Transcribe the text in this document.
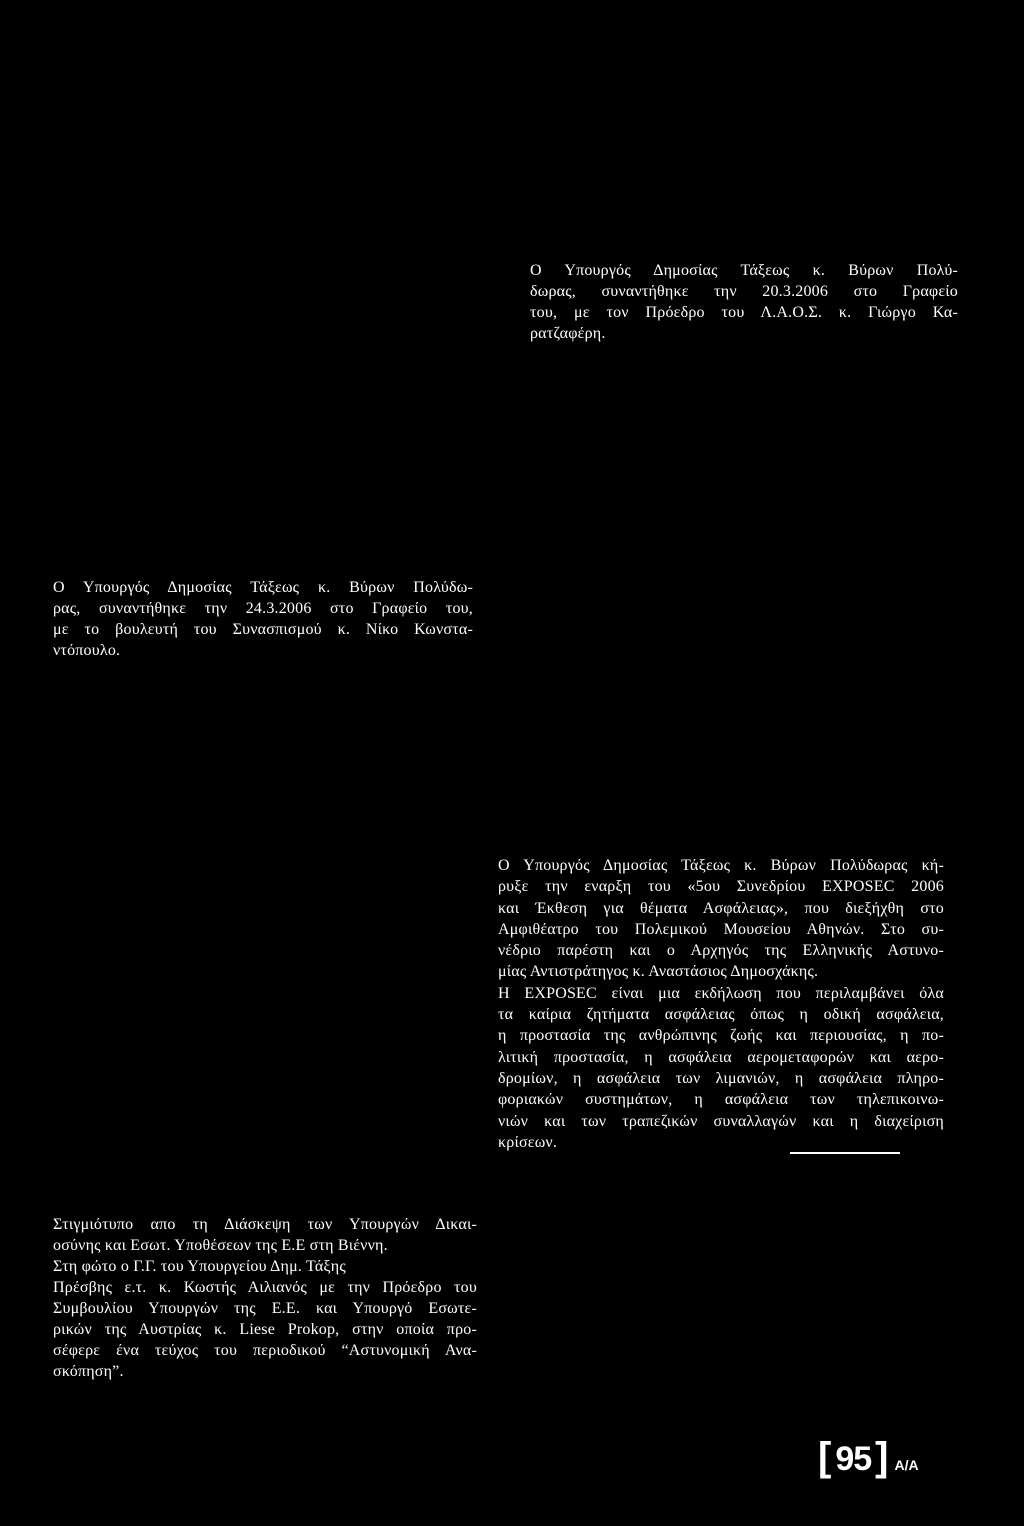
Ο Υπουργός Δημοσίας Τάξεως κ. Βύρων Πολύ-
δωρας, συναντήθηκε την 20.3.2006 στο Γραφείο
του, με τον Πρόεδρο του Λ.Α.Ο.Σ. κ. Γιώργο Κα-
ρατζαφέρη.
Ο Υπουργός Δημοσίας Τάξεως κ. Βύρων Πολύδω-
ρας, συναντήθηκε την 24.3.2006 στο Γραφείο του,
με το βουλευτή του Συνασπισμού κ. Νίκο Κωνστα-
ντόπουλο.
Ο Υπουργός Δημοσίας Τάξεως κ. Βύρων Πολύδωρας κή-
ρυξε την εναρξη του «5ου Συνεδρίου EXPOSEC 2006
και Έκθεση για θέματα Ασφάλειας», που διεξήχθη στο
Αμφιθέατρο του Πολεμικού Μουσείου Αθηνών. Στο συ-
νέδριο παρέστη και ο Αρχηγός της Ελληνικής Αστυνο-
μίας Αντιστράτηγος κ. Αναστάσιος Δημοσχάκης.
Η EXPOSEC είναι μια εκδήλωση που περιλαμβάνει όλα
τα καίρια ζητήματα ασφάλειας όπως η οδική ασφάλεια,
η προστασία της ανθρώπινης ζωής και περιουσίας, η πο-
λιτική προστασία, η ασφάλεια αερομεταφορών και αερο-
δρομίων, η ασφάλεια των λιμανιών, η ασφάλεια πληρο-
φοριακών συστημάτων, η ασφάλεια των τηλεπικοινω-
νιών και των τραπεζικών συναλλαγών και η διαχείριση
κρίσεων.
Στιγμιότυπο απο τη Διάσκεψη των Υπουργών Δικαι-
οσύνης και Εσωτ. Υποθέσεων της Ε.Ε στη Βιέννη.
Στη φώτο ο Γ.Γ. του Υπουργείου Δημ. Τάξης
Πρέσβης ε.τ. κ. Κωστής Αιλιανός με την Πρόεδρο του
Συμβουλίου Υπουργών της Ε.Ε. και Υπουργό Εσωτε-
ρικών της Αυστρίας κ. Liese Prokop, στην οποία προ-
σέφερε ένα τεύχος του περιοδικού “Αστυνομική Ανα-
σκόπηση”.
[ 95 ] A/A
